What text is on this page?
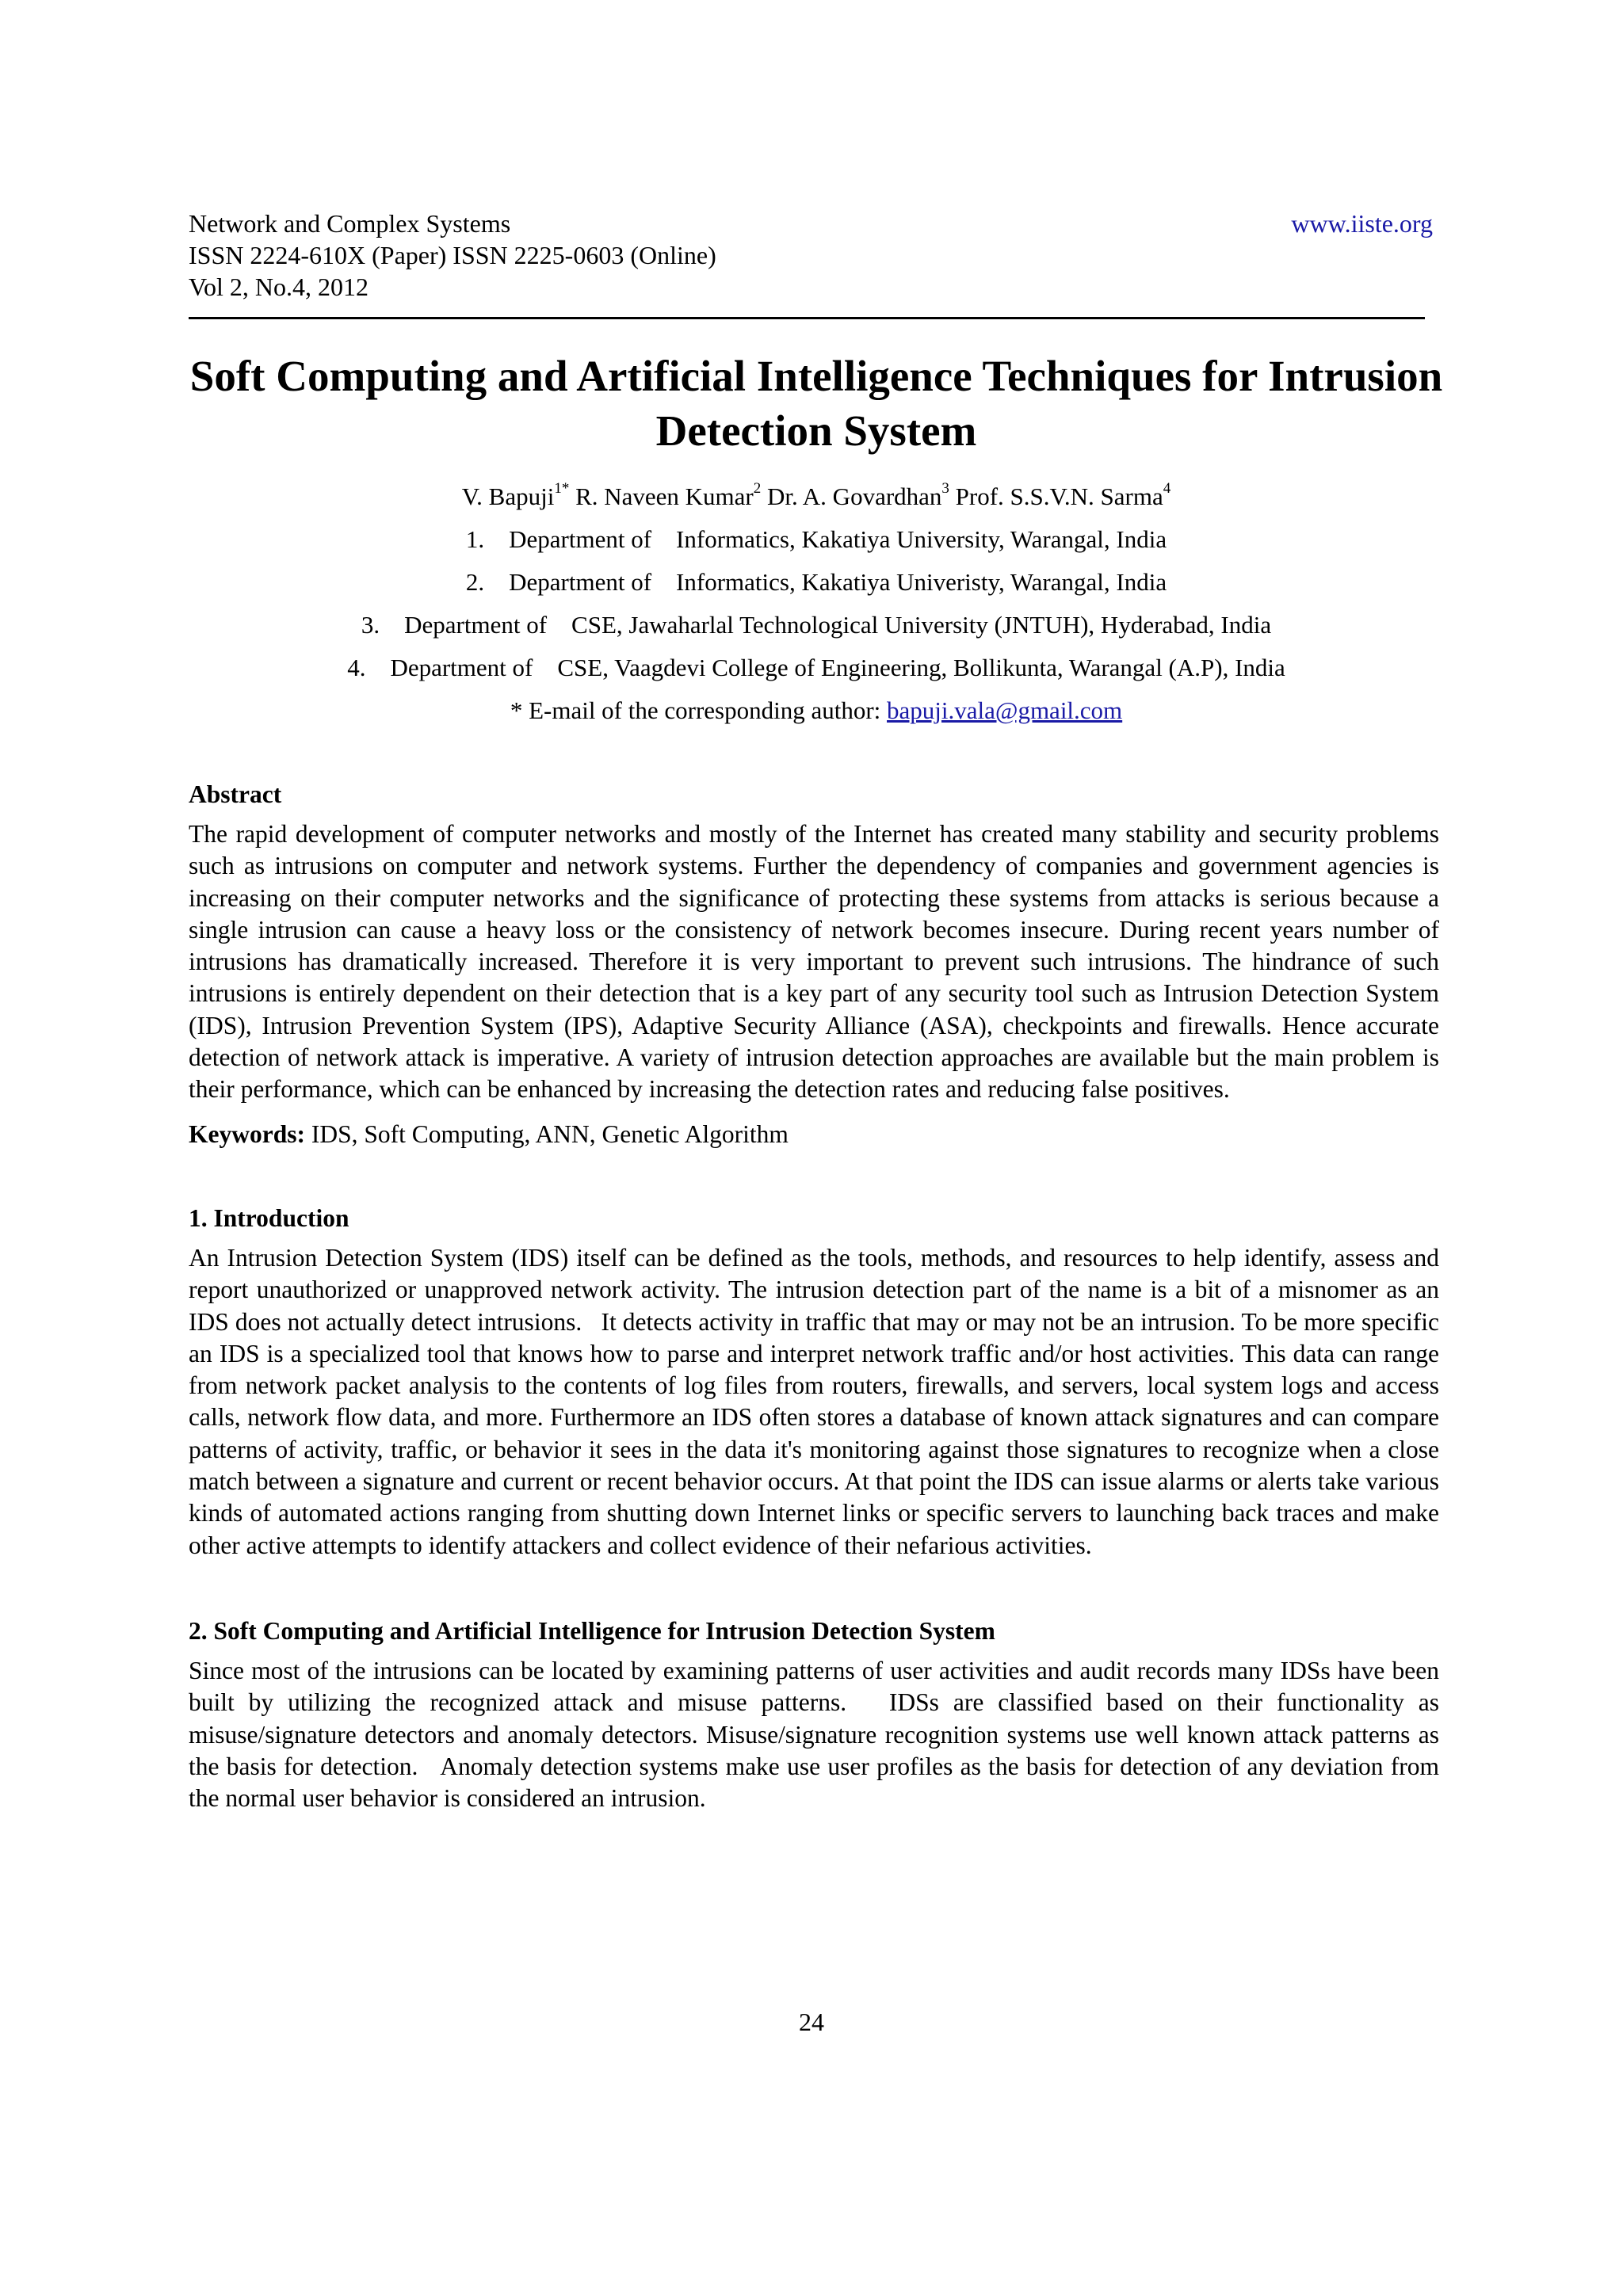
Network and Complex Systems
ISSN 2224-610X (Paper) ISSN 2225-0603 (Online)
Vol 2, No.4, 2012
www.iiste.org
Soft Computing and Artificial Intelligence Techniques for Intrusion
Detection System
V. Bapuji$^{1*}$ R. Naveen Kumar$^2$ Dr. A. Govardhan$^3$ Prof. S.S.V.N. Sarma$^4$
1.    Department of    Informatics, Kakatiya University, Warangal, India
2.    Department of    Informatics, Kakatiya Univeristy, Warangal, India
3.    Department of    CSE, Jawaharlal Technological University (JNTUH), Hyderabad, India
4.    Department of    CSE, Vaagdevi College of Engineering, Bollikunta, Warangal (A.P), India
* E-mail of the corresponding author: bapuji.vala@gmail.com
Abstract

The rapid development of computer networks and mostly of the Internet has created many stability and security problems such as intrusions on computer and network systems. Further the dependency of companies and government agencies is increasing on their computer networks and the significance of protecting these systems from attacks is serious because a single intrusion can cause a heavy loss or the consistency of network becomes insecure. During recent years number of intrusions has dramatically increased. Therefore it is very important to prevent such intrusions. The hindrance of such intrusions is entirely dependent on their detection that is a key part of any security tool such as Intrusion Detection System (IDS), Intrusion Prevention System (IPS), Adaptive Security Alliance (ASA), checkpoints and firewalls. Hence accurate detection of network attack is imperative. A variety of intrusion detection approaches are available but the main problem is their performance, which can be enhanced by increasing the detection rates and reducing false positives.

Keywords: IDS, Soft Computing, ANN, Genetic Algorithm

1. Introduction

An Intrusion Detection System (IDS) itself can be defined as the tools, methods, and resources to help identify, assess and report unauthorized or unapproved network activity. The intrusion detection part of the name is a bit of a misnomer as an IDS does not actually detect intrusions.   It detects activity in traffic that may or may not be an intrusion. To be more specific an IDS is a specialized tool that knows how to parse and interpret network traffic and/or host activities. This data can range from network packet analysis to the contents of log files from routers, firewalls, and servers, local system logs and access calls, network flow data, and more. Furthermore an IDS often stores a database of known attack signatures and can compare patterns of activity, traffic, or behavior it sees in the data it's monitoring against those signatures to recognize when a close match between a signature and current or recent behavior occurs. At that point the IDS can issue alarms or alerts take various kinds of automated actions ranging from shutting down Internet links or specific servers to launching back traces and make other active attempts to identify attackers and collect evidence of their nefarious activities.

2. Soft Computing and Artificial Intelligence for Intrusion Detection System

Since most of the intrusions can be located by examining patterns of user activities and audit records many IDSs have been built by utilizing the recognized attack and misuse patterns.   IDSs are classified based on their functionality as misuse/signature detectors and anomaly detectors. Misuse/signature recognition systems use well known attack patterns as the basis for detection.   Anomaly detection systems make use user profiles as the basis for detection of any deviation from the normal user behavior is considered an intrusion.

24
